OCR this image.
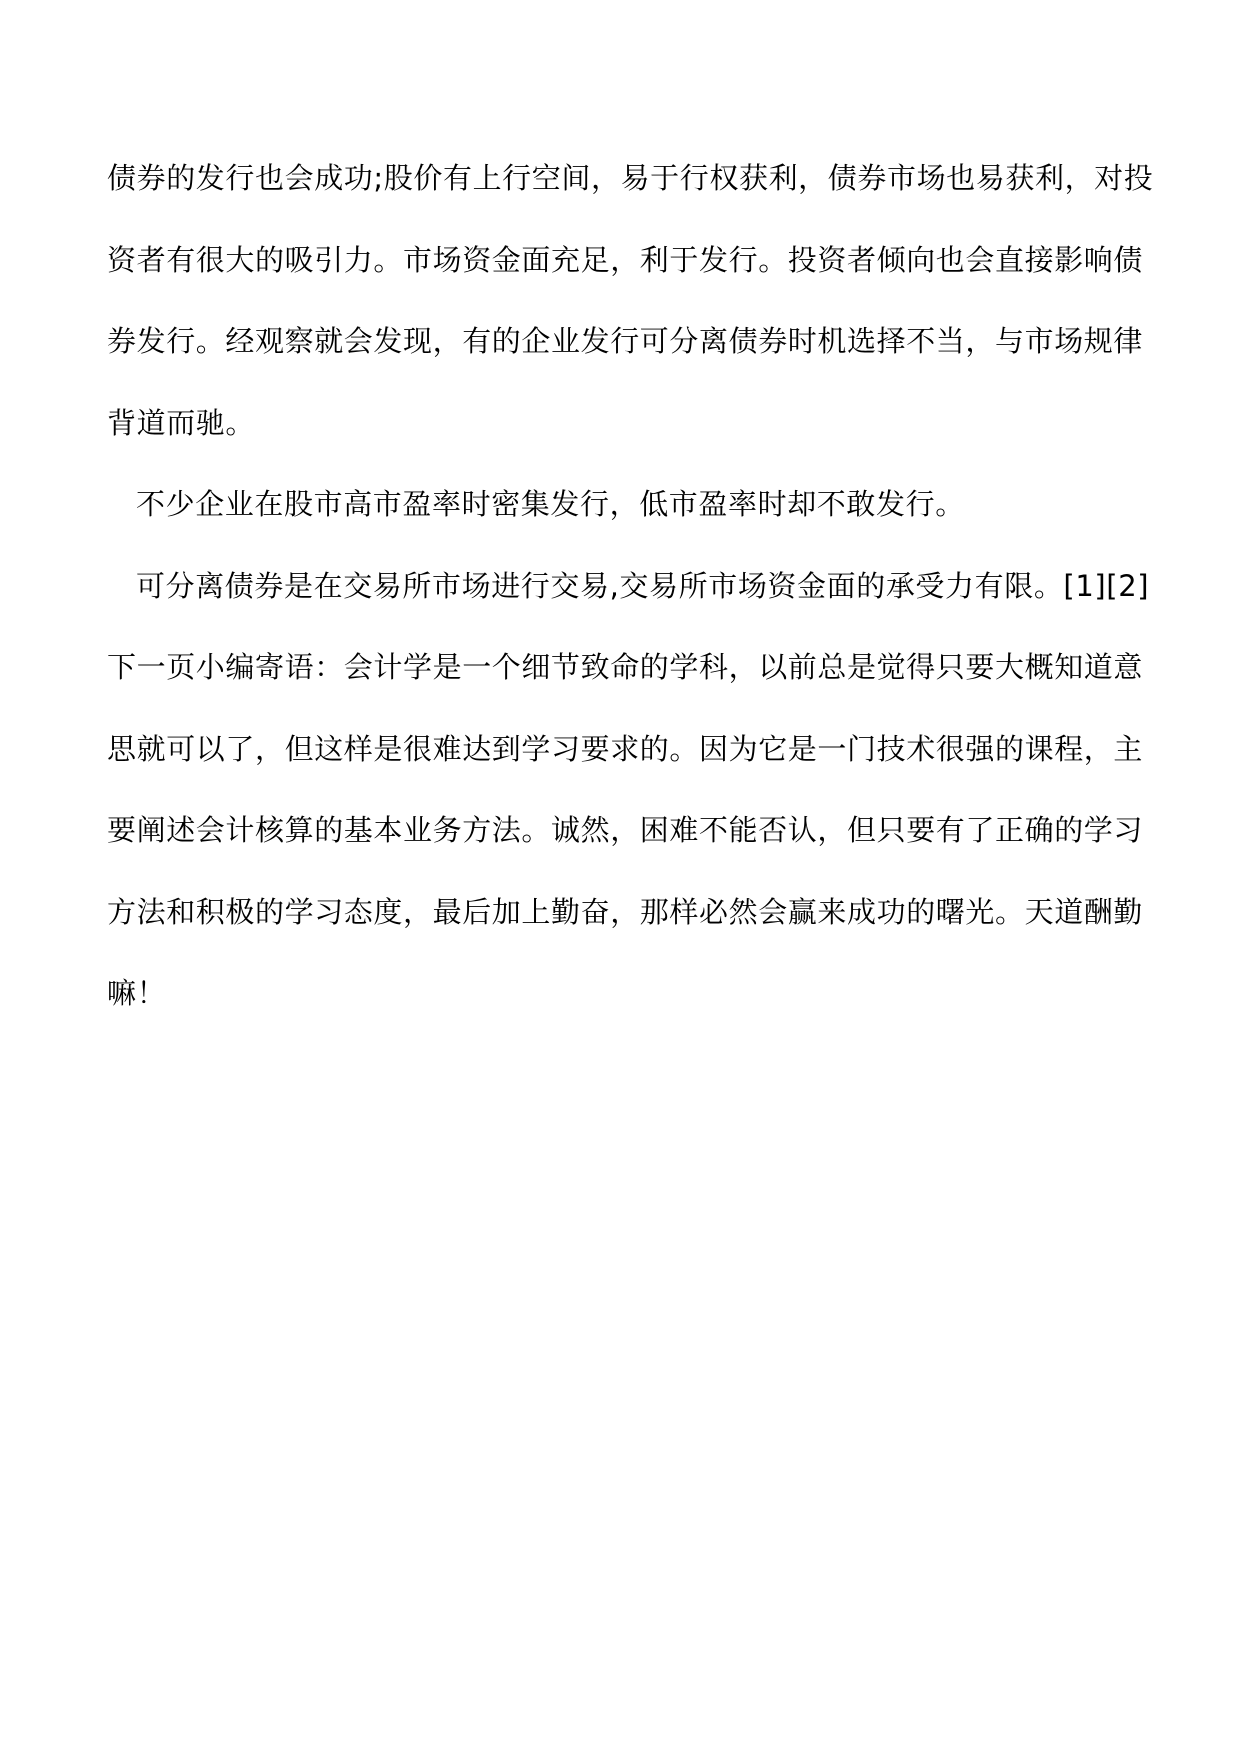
债券的发行也会成功;股价有上行空间，易于行权获利，债券市场也易获利，对投
资者有很大的吸引力。市场资金面充足，利于发行。投资者倾向也会直接影响债
券发行。经观察就会发现，有的企业发行可分离债券时机选择不当，与市场规律
背道而驰。
不少企业在股市高市盈率时密集发行，低市盈率时却不敢发行。
可分离债券是在交易所市场进行交易,交易所市场资金面的承受力有限。[1][2]
下一页小编寄语：会计学是一个细节致命的学科，以前总是觉得只要大概知道意
思就可以了，但这样是很难达到学习要求的。因为它是一门技术很强的课程，主
要阐述会计核算的基本业务方法。诚然，困难不能否认，但只要有了正确的学习
方法和积极的学习态度，最后加上勤奋，那样必然会赢来成功的曙光。天道酬勤
嘛！
